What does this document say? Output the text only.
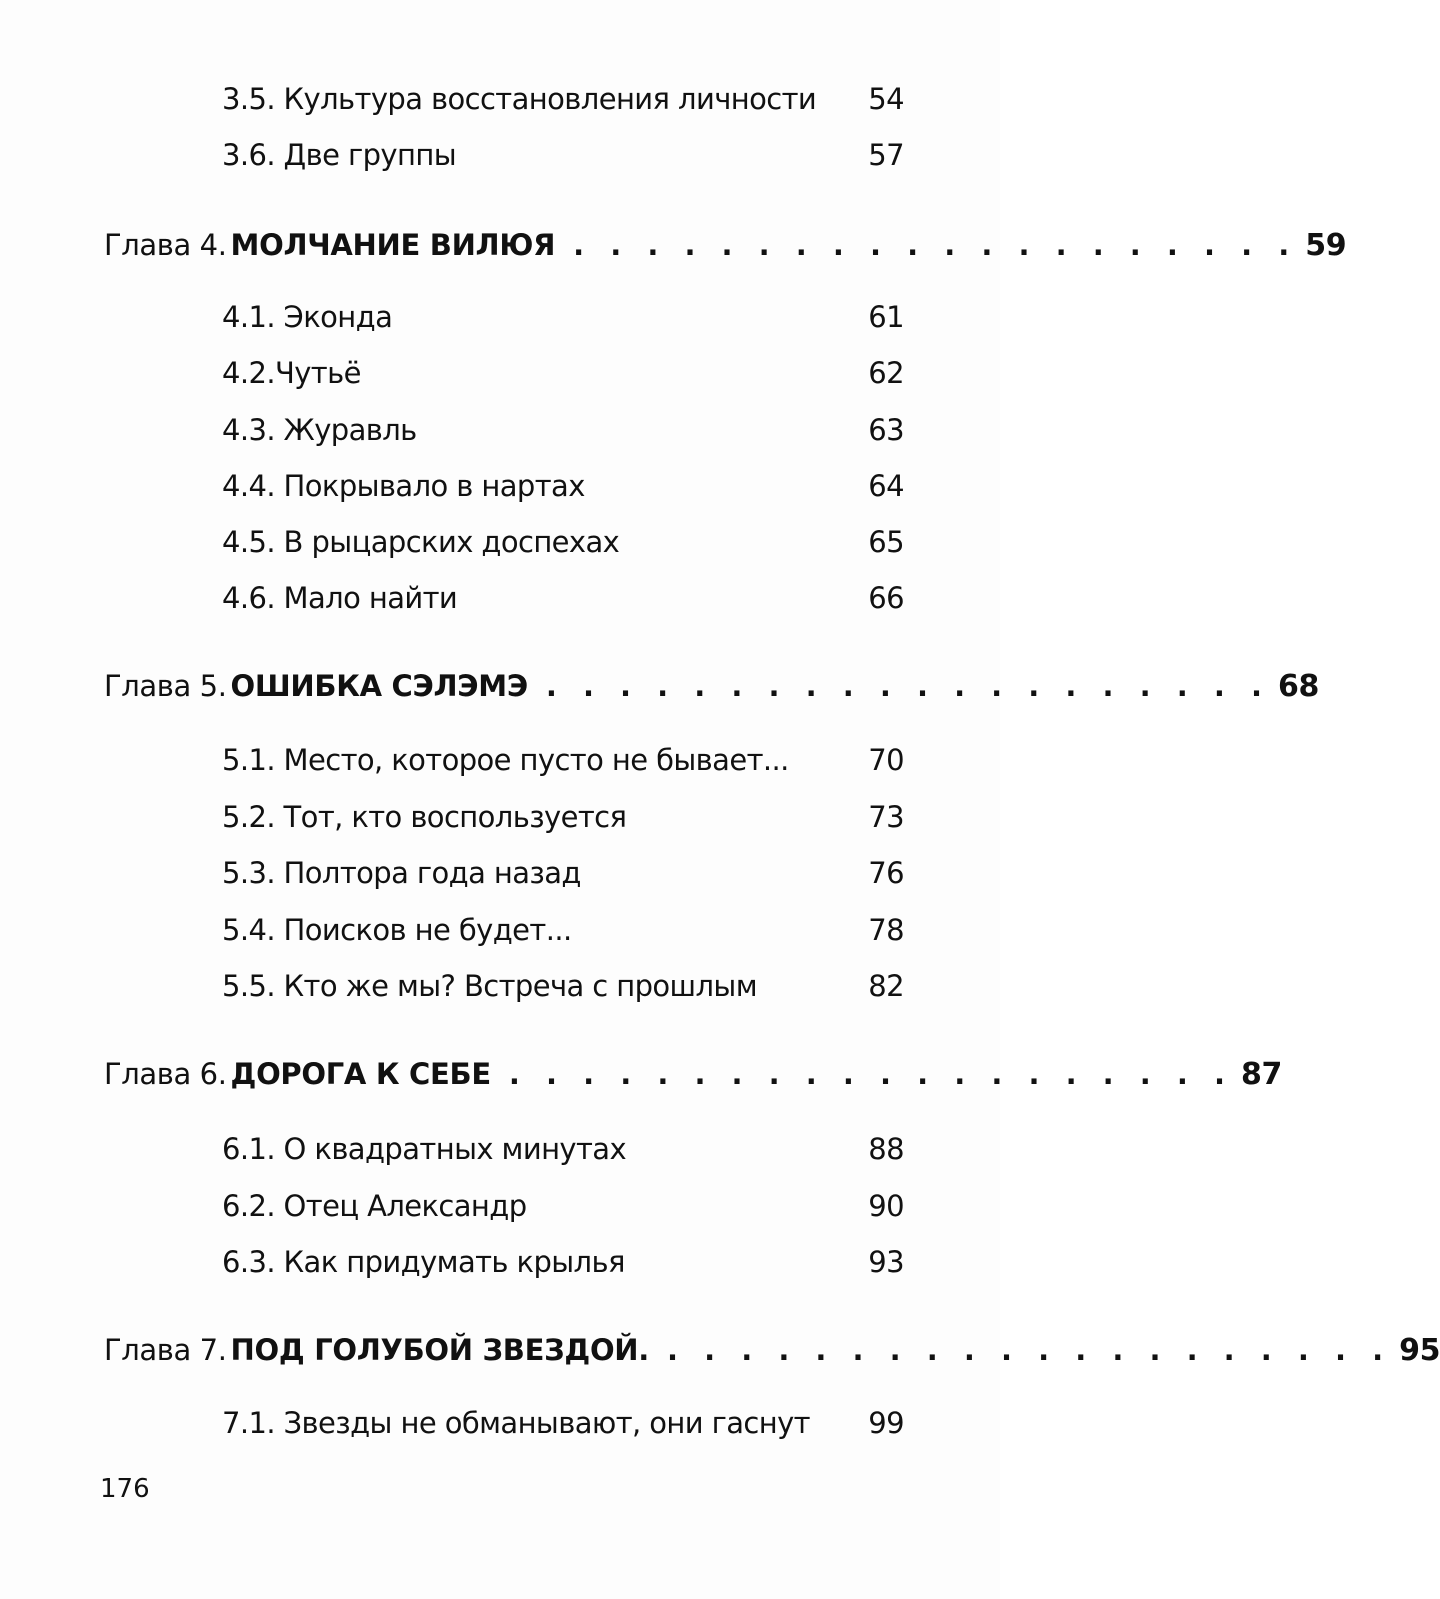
3.5. Культура восстановления личности	54
3.6. Две группы	57
Глава 4. МОЛЧАНИЕ ВИЛЮЯ . . . . . . . . . . . . . . . . . . . . 59
4.1. Эконда	61
4.2.Чутьё	62
4.3. Журавль	63
4.4. Покрывало в нартах	64
4.5. В рыцарских доспехах	65
4.6. Мало найти	66
Глава 5. ОШИБКА СЭЛЭМЭ . . . . . . . . . . . . . . . . . . . . 68
5.1. Место, которое пусто не бывает...	70
5.2. Тот, кто воспользуется	73
5.3. Полтора года назад	76
5.4. Поисков не будет...	78
5.5. Кто же мы? Встреча с прошлым	82
Глава 6. ДОРОГА К СЕБЕ . . . . . . . . . . . . . . . . . . . . 87
6.1. О квадратных минутах	88
6.2. Отец Александр	90
6.3. Как придумать крылья	93
Глава 7. ПОД ГОЛУБОЙ ЗВЕЗДОЙ. . . . . . . . . . . . . . . . . . . . . 95
7.1. Звезды не обманывают, они гаснут	99
176
